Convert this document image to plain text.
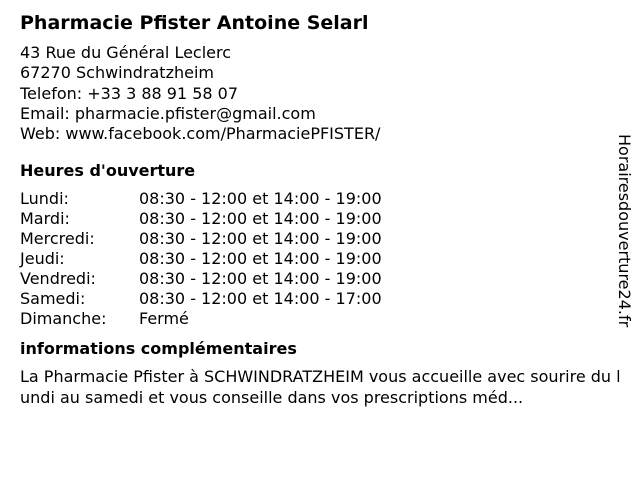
Pharmacie Pfister Antoine Selarl
43 Rue du Général Leclerc
67270 Schwindratzheim
Telefon: +33 3 88 91 58 07
Email: pharmacie.pfister@gmail.com
Web: www.facebook.com/PharmaciePFISTER/
Heures d'ouverture
Lundi:	08:30 - 12:00 et 14:00 - 19:00
Mardi:	08:30 - 12:00 et 14:00 - 19:00
Mercredi:	08:30 - 12:00 et 14:00 - 19:00
Jeudi:	08:30 - 12:00 et 14:00 - 19:00
Vendredi:	08:30 - 12:00 et 14:00 - 19:00
Samedi:	08:30 - 12:00 et 14:00 - 17:00
Dimanche:	Fermé
informations complémentaires
La Pharmacie Pfister à SCHWINDRATZHEIM vous accueille avec sourire du lundi au samedi et vous conseille dans vos prescriptions méd...
Horairesdouverture24.fr
